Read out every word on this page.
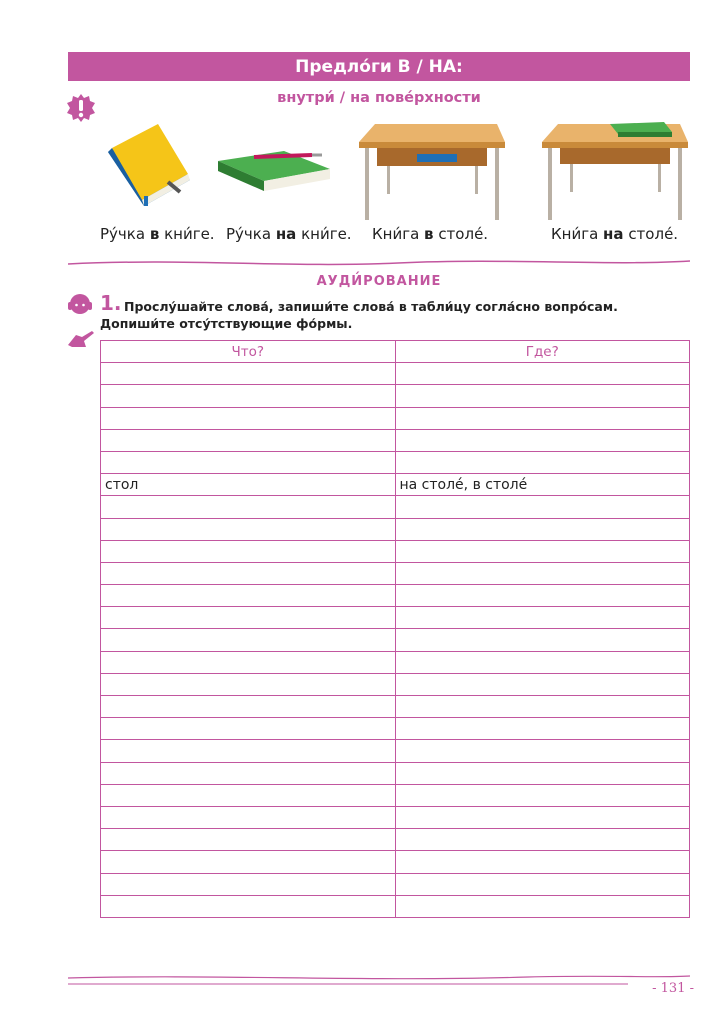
Предло́ги В / НА:
внутри́ / на пове́рхности
Ру́чка в кни́ге. Ру́чка на кни́ге. Кни́га в столе́.	Кни́га на столе́.
АУДИ́РОВАНИЕ
1. Прослу́шайте слова́, запиши́те слова́ в табли́цу согла́сно вопро́сам.
Допиши́те отсу́тствующие фо́рмы.
Что?	Где?

стол	на столе́, в столе́

- 131 -
